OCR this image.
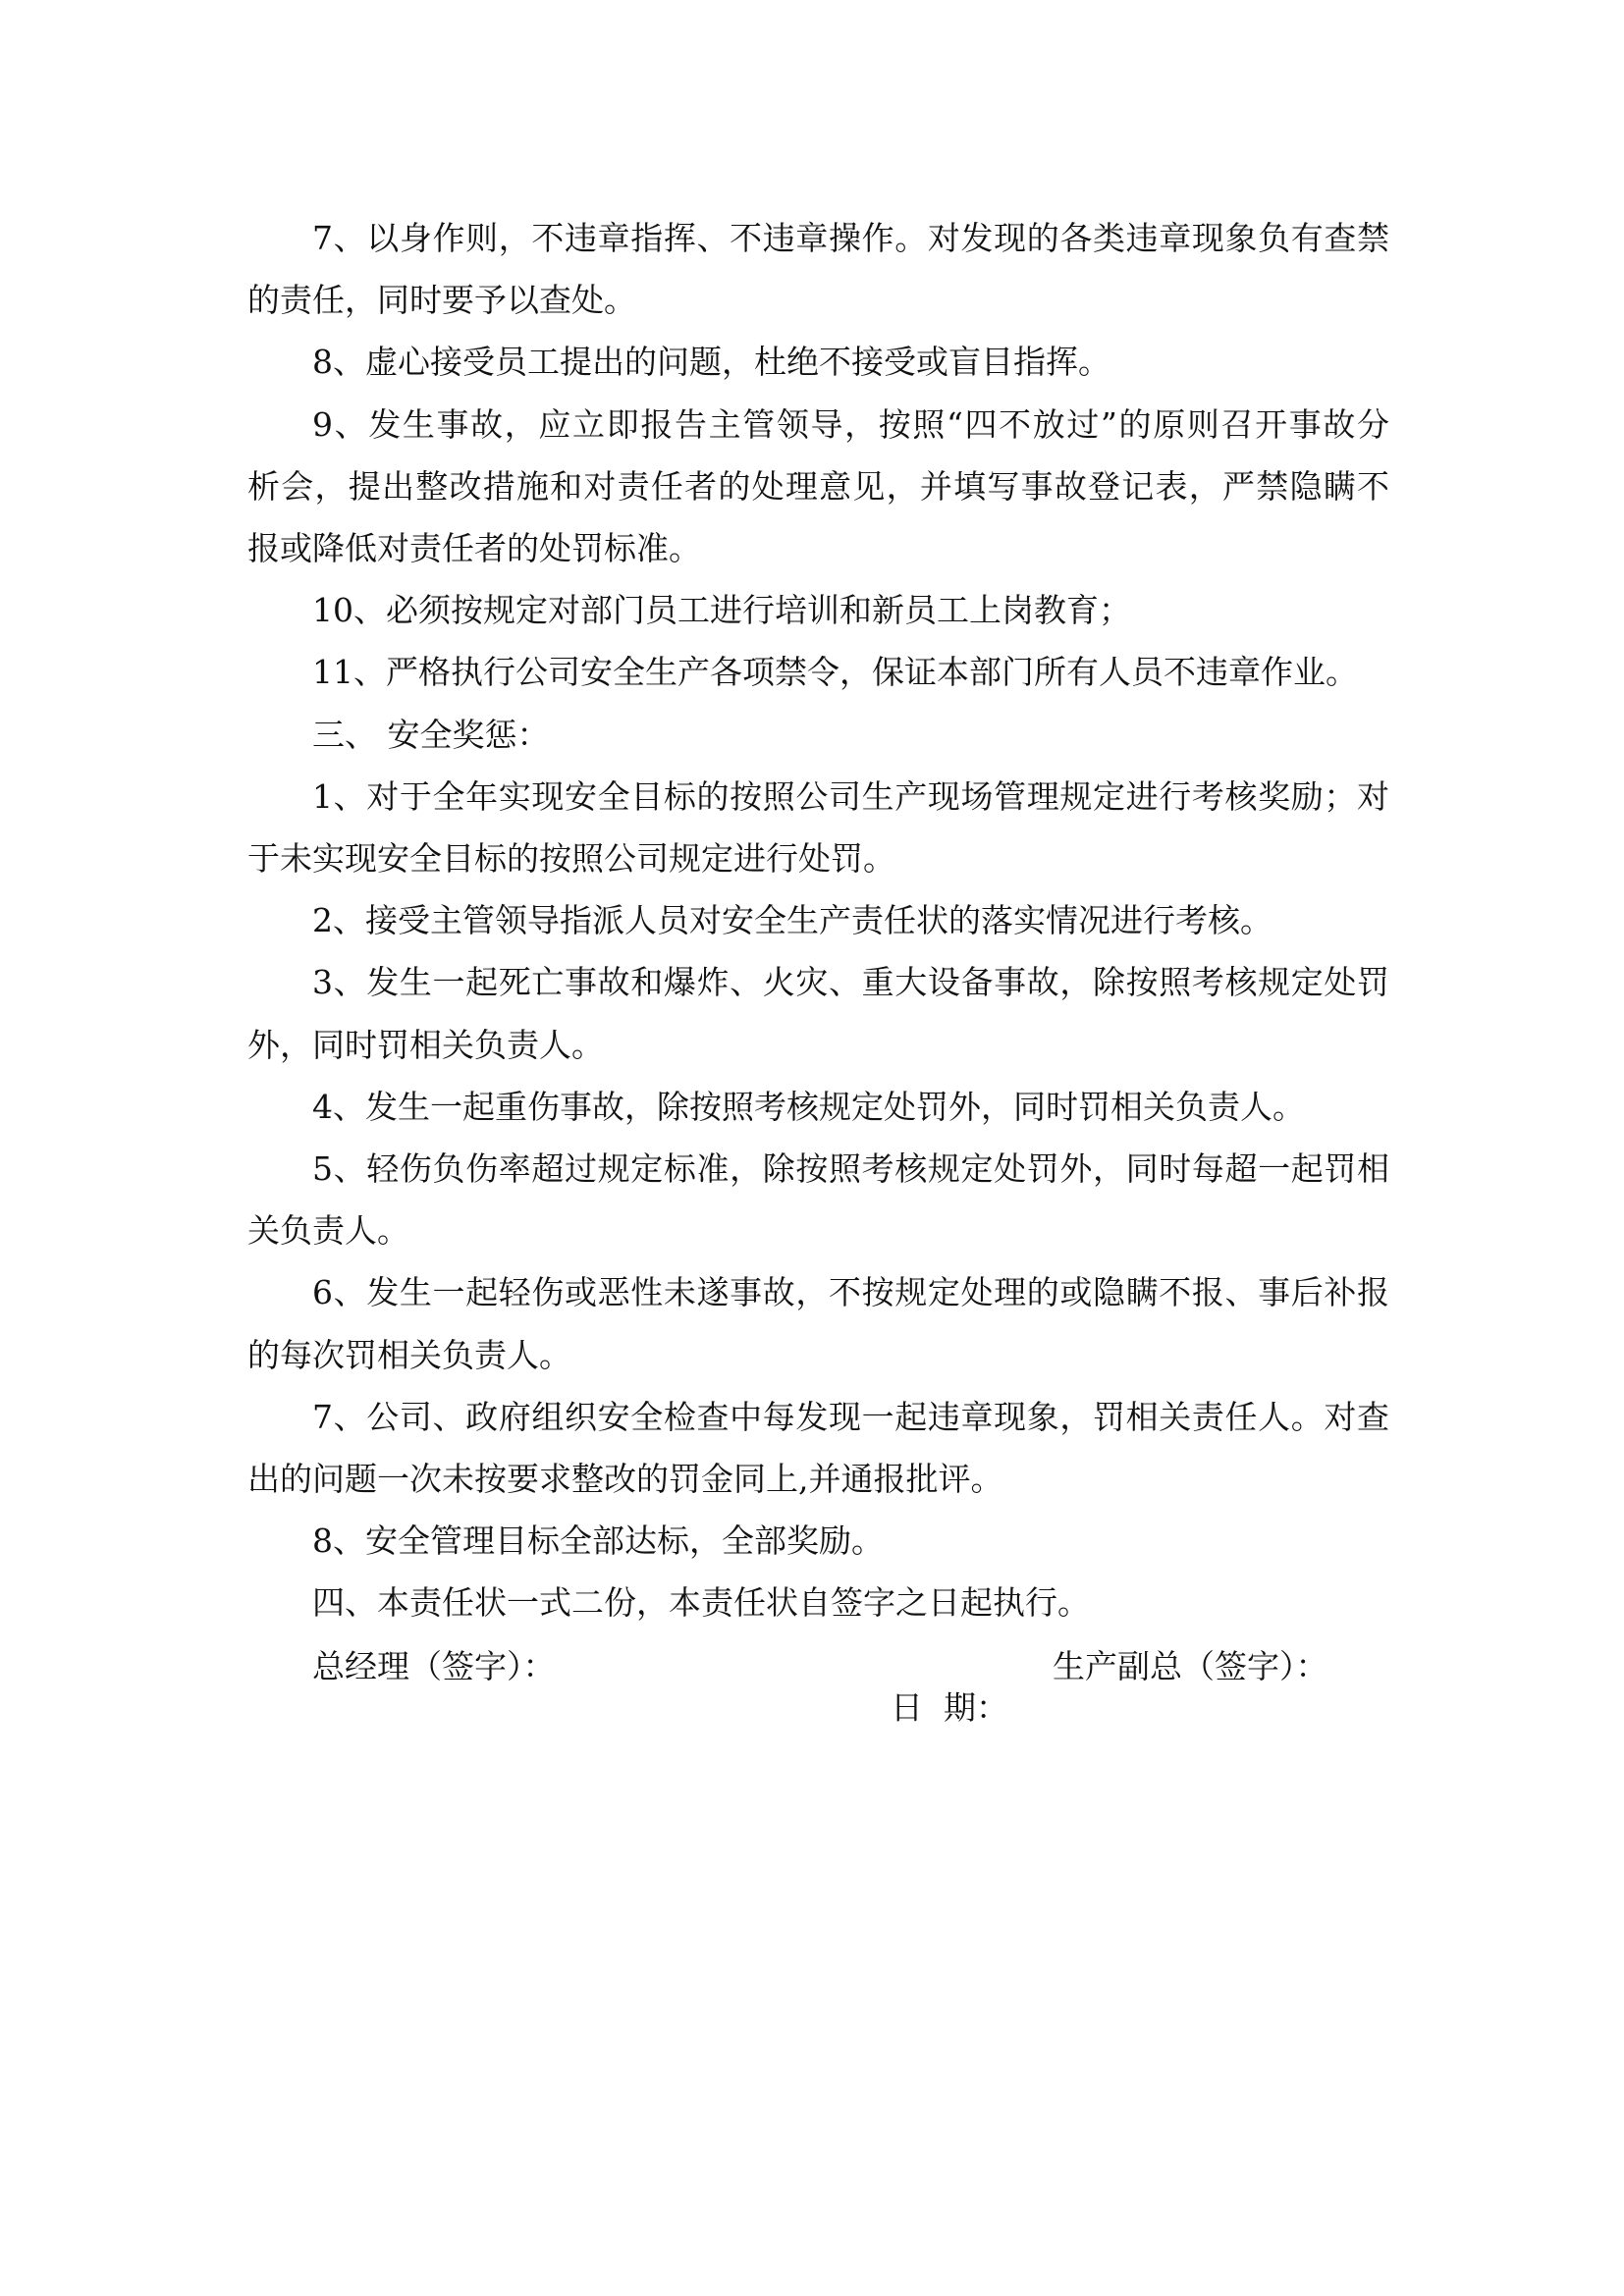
7、以身作则，不违章指挥、不违章操作。对发现的各类违章现象负有查禁
的责任，同时要予以查处。
8、虚心接受员工提出的问题，杜绝不接受或盲目指挥。
9、发生事故，应立即报告主管领导，按照“四不放过”的原则召开事故分
析会，提出整改措施和对责任者的处理意见，并填写事故登记表，严禁隐瞒不
报或降低对责任者的处罚标准。
10、必须按规定对部门员工进行培训和新员工上岗教育；
11、严格执行公司安全生产各项禁令，保证本部门所有人员不违章作业。
三、 安全奖惩：
1、对于全年实现安全目标的按照公司生产现场管理规定进行考核奖励；对
于未实现安全目标的按照公司规定进行处罚。
2、接受主管领导指派人员对安全生产责任状的落实情况进行考核。
3、发生一起死亡事故和爆炸、火灾、重大设备事故，除按照考核规定处罚
外，同时罚相关负责人。
4、发生一起重伤事故，除按照考核规定处罚外，同时罚相关负责人。
5、轻伤负伤率超过规定标准，除按照考核规定处罚外，同时每超一起罚相
关负责人。
6、发生一起轻伤或恶性未遂事故，不按规定处理的或隐瞒不报、事后补报
的每次罚相关负责人。
7、公司、政府组织安全检查中每发现一起违章现象，罚相关责任人。对查
出的问题一次未按要求整改的罚金同上,并通报批评。
8、安全管理目标全部达标，全部奖励。
四、本责任状一式二份，本责任状自签字之日起执行。
总经理（签字）：	生产副总（签字）：
日  期：
